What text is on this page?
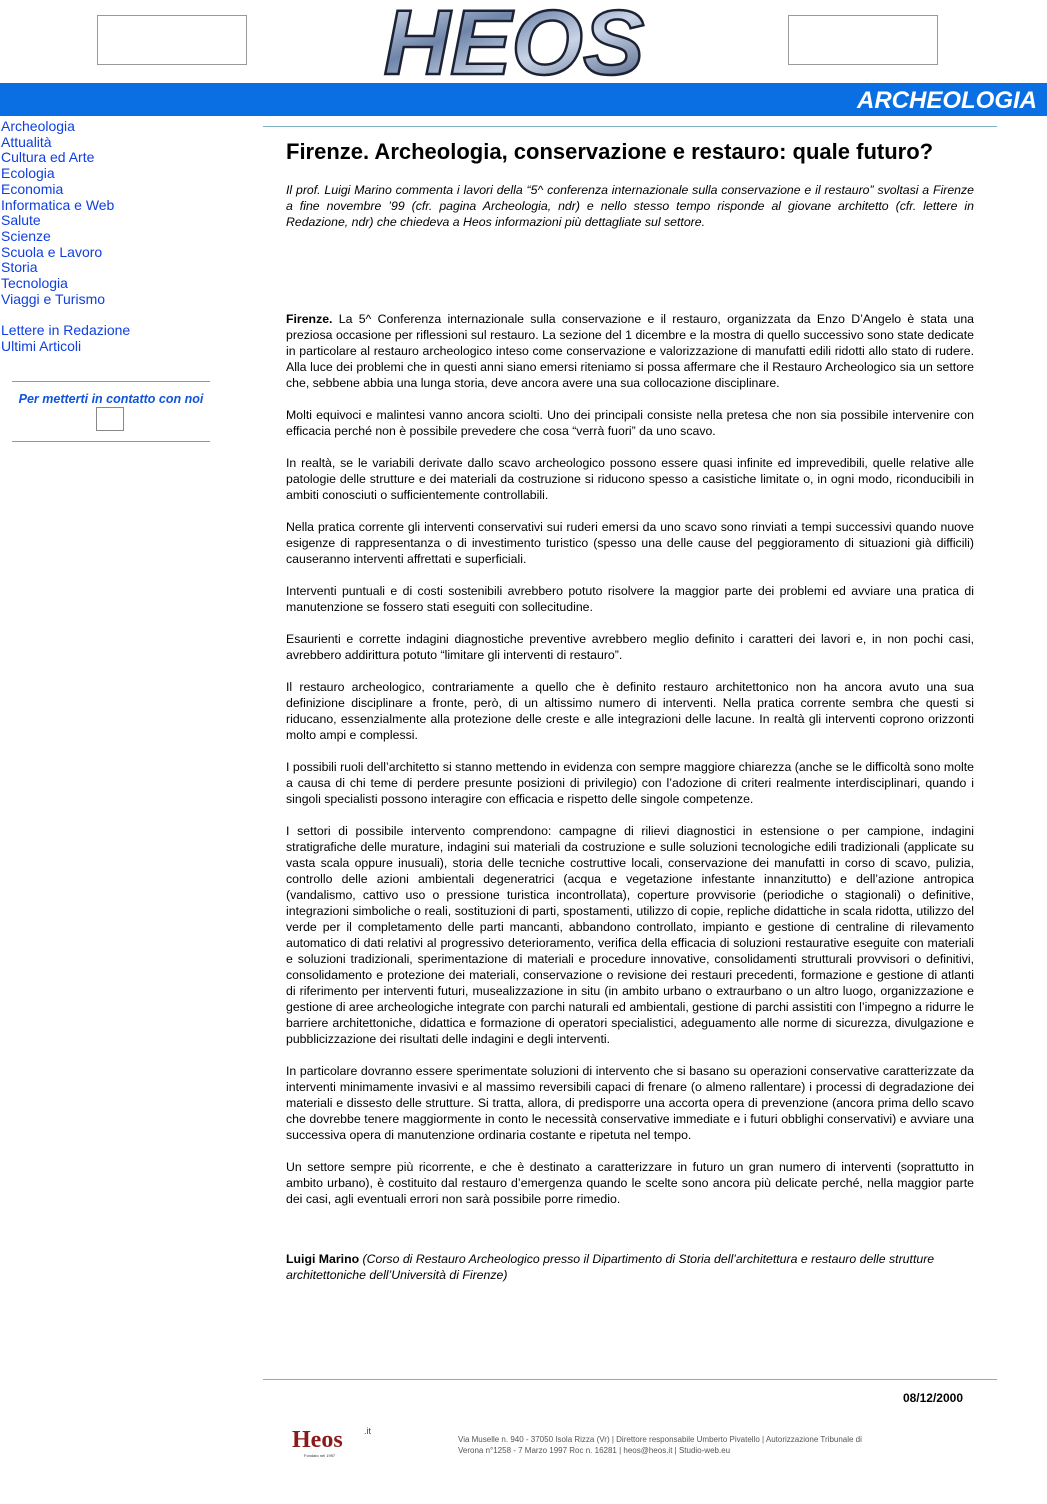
HEOS
ARCHEOLOGIA
Archeologia
Attualità
Cultura ed Arte
Ecologia
Economia
Informatica e Web
Salute
Scienze
Scuola e Lavoro
Storia
Tecnologia
Viaggi e Turismo
Lettere in Redazione
Ultimi Articoli
Per metterti in contatto con noi
Firenze. Archeologia, conservazione e restauro: quale futuro?

Il prof. Luigi Marino commenta i lavori della “5^ conferenza internazionale sulla conservazione e il restauro” svoltasi a Firenze a fine novembre ’99 (cfr. pagina Archeologia, ndr) e nello stesso tempo risponde al giovane architetto (cfr. lettere in Redazione, ndr) che chiedeva a Heos informazioni più dettagliate sul settore.

Firenze. La 5^ Conferenza internazionale sulla conservazione e il restauro, organizzata da Enzo D’Angelo è stata una preziosa occasione per riflessioni sul restauro. La sezione del 1 dicembre e la mostra di quello successivo sono state dedicate in particolare al restauro archeologico inteso come conservazione e valorizzazione di manufatti edili ridotti allo stato di rudere. Alla luce dei problemi che in questi anni siano emersi riteniamo si possa affermare che il Restauro Archeologico sia un settore che, sebbene abbia una lunga storia, deve ancora avere una sua collocazione disciplinare.

Molti equivoci e malintesi vanno ancora sciolti. Uno dei principali consiste nella pretesa che non sia possibile intervenire con efficacia perché non è possibile prevedere che cosa “verrà fuori” da uno scavo.

In realtà, se le variabili derivate dallo scavo archeologico possono essere quasi infinite ed imprevedibili, quelle relative alle patologie delle strutture e dei materiali da costruzione si riducono spesso a casistiche limitate o, in ogni modo, riconducibili in ambiti conosciuti o sufficientemente controllabili.

Nella pratica corrente gli interventi conservativi sui ruderi emersi da uno scavo sono rinviati a tempi successivi quando nuove esigenze di rappresentanza o di investimento turistico (spesso una delle cause del peggioramento di situazioni già difficili) causeranno interventi affrettati e superficiali.

Interventi puntuali e di costi sostenibili avrebbero potuto risolvere la maggior parte dei problemi ed avviare una pratica di manutenzione se fossero stati eseguiti con sollecitudine.

Esaurienti e corrette indagini diagnostiche preventive avrebbero meglio definito i caratteri dei lavori e, in non pochi casi, avrebbero addirittura potuto “limitare gli interventi di restauro”.

Il restauro archeologico, contrariamente a quello che è definito restauro architettonico non ha ancora avuto una sua definizione disciplinare a fronte, però, di un altissimo numero di interventi. Nella pratica corrente sembra che questi si riducano, essenzialmente alla protezione delle creste e alle integrazioni delle lacune. In realtà gli interventi coprono orizzonti molto ampi e complessi.

I possibili ruoli dell’architetto si stanno mettendo in evidenza con sempre maggiore chiarezza (anche se le difficoltà sono molte a causa di chi teme di perdere presunte posizioni di privilegio) con l’adozione di criteri realmente interdisciplinari, quando i singoli specialisti possono interagire con efficacia e rispetto delle singole competenze.

I settori di possibile intervento comprendono: campagne di rilievi diagnostici in estensione o per campione, indagini stratigrafiche delle murature, indagini sui materiali da costruzione e sulle soluzioni tecnologiche edili tradizionali (applicate su vasta scala oppure inusuali), storia delle tecniche costruttive locali, conservazione dei manufatti in corso di scavo, pulizia, controllo delle azioni ambientali degeneratrici (acqua e vegetazione infestante innanzitutto) e dell’azione antropica (vandalismo, cattivo uso o pressione turistica incontrollata), coperture provvisorie (periodiche o stagionali) o definitive, integrazioni simboliche o reali, sostituzioni di parti, spostamenti, utilizzo di copie, repliche didattiche in scala ridotta, utilizzo del verde per il completamento delle parti mancanti, abbandono controllato, impianto e gestione di centraline di rilevamento automatico di dati relativi al progressivo deterioramento, verifica della efficacia di soluzioni restaurative eseguite con materiali e soluzioni tradizionali, sperimentazione di materiali e procedure innovative, consolidamenti strutturali provvisori o definitivi, consolidamento e protezione dei materiali, conservazione o revisione dei restauri precedenti, formazione e gestione di atlanti di riferimento per interventi futuri, musealizzazione in situ (in ambito urbano o extraurbano o un altro luogo, organizzazione e gestione di aree archeologiche integrate con parchi naturali ed ambientali, gestione di parchi assistiti con l’impegno a ridurre le barriere architettoniche, didattica e formazione di operatori specialistici, adeguamento alle norme di sicurezza, divulgazione e pubblicizzazione dei risultati delle indagini e degli interventi.

In particolare dovranno essere sperimentate soluzioni di intervento che si basano su operazioni conservative caratterizzate da interventi minimamente invasivi e al massimo reversibili capaci di frenare (o almeno rallentare) i processi di degradazione dei materiali e dissesto delle strutture. Si tratta, allora, di predisporre una accorta opera di prevenzione (ancora prima dello scavo che dovrebbe tenere maggiormente in conto le necessità conservative immediate e i futuri obblighi conservativi) e avviare una successiva opera di manutenzione ordinaria costante e ripetuta nel tempo.

Un settore sempre più ricorrente, e che è destinato a caratterizzare in futuro un gran numero di interventi (soprattutto in ambito urbano), è costituito dal restauro d’emergenza quando le scelte sono ancora più delicate perché, nella maggior parte dei casi, agli eventuali errori non sarà possibile porre rimedio.

Luigi Marino (Corso di Restauro Archeologico presso il Dipartimento di Storia dell’architettura e restauro delle strutture architettoniche dell’Università di Firenze)

08/12/2000
Heos .it
Fondato nel 1997
Via Muselle n. 940 - 37050 Isola Rizza (Vr) | Direttore responsabile Umberto Pivatello | Autorizzazione Tribunale di
Verona n°1258 - 7 Marzo 1997 Roc n. 16281 | heos@heos.it | Studio-web.eu
